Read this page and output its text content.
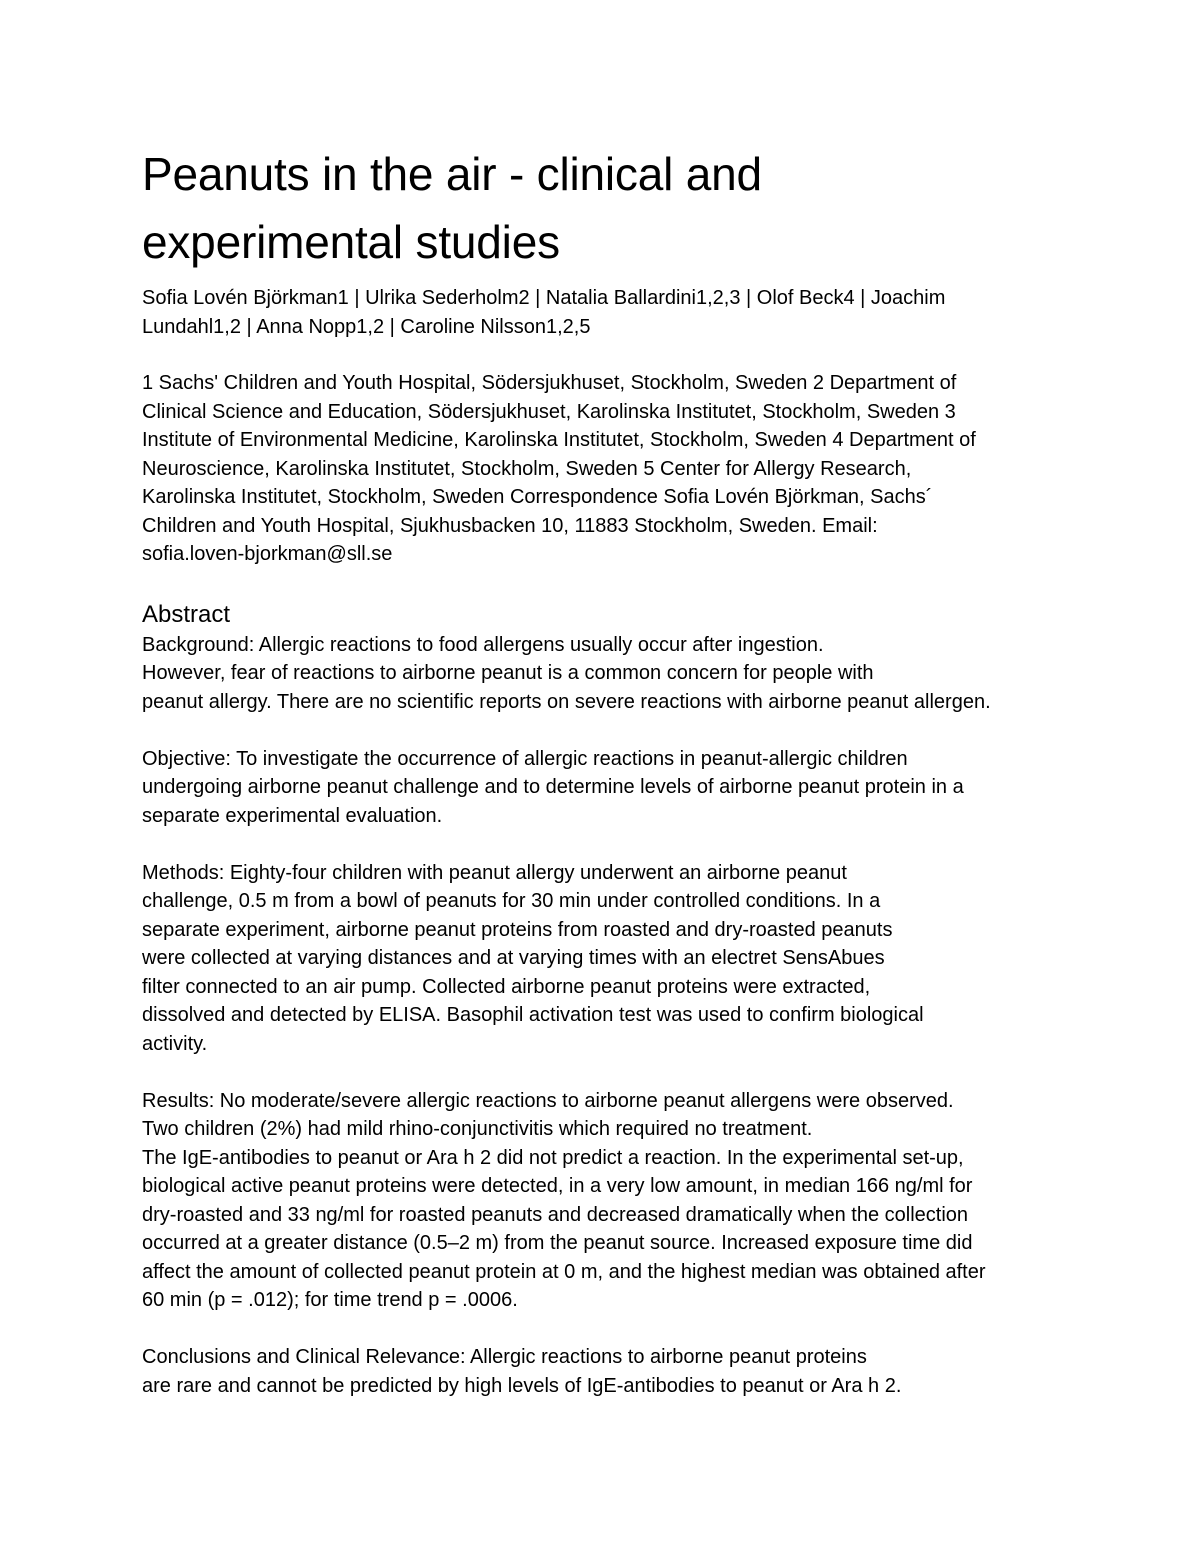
Peanuts in the air - clinical and
experimental studies

Sofia Lovén Björkman1 | Ulrika Sederholm2 | Natalia Ballardini1,2,3 | Olof Beck4 | Joachim
Lundahl1,2 | Anna Nopp1,2 | Caroline Nilsson1,2,5

1 Sachs' Children and Youth Hospital, Södersjukhuset, Stockholm, Sweden 2 Department of
Clinical Science and Education, Södersjukhuset, Karolinska Institutet, Stockholm, Sweden 3
Institute of Environmental Medicine, Karolinska Institutet, Stockholm, Sweden 4 Department of
Neuroscience, Karolinska Institutet, Stockholm, Sweden 5 Center for Allergy Research,
Karolinska Institutet, Stockholm, Sweden Correspondence Sofia Lovén Björkman, Sachs´
Children and Youth Hospital, Sjukhusbacken 10, 11883 Stockholm, Sweden. Email:
sofia.loven-bjorkman@sll.se

Abstract

Background: Allergic reactions to food allergens usually occur after ingestion.
However, fear of reactions to airborne peanut is a common concern for people with
peanut allergy. There are no scientific reports on severe reactions with airborne peanut allergen.

Objective: To investigate the occurrence of allergic reactions in peanut-allergic children
undergoing airborne peanut challenge and to determine levels of airborne peanut protein in a
separate experimental evaluation.

Methods: Eighty-four children with peanut allergy underwent an airborne peanut
challenge, 0.5 m from a bowl of peanuts for 30 min under controlled conditions. In a
separate experiment, airborne peanut proteins from roasted and dry-roasted peanuts
were collected at varying distances and at varying times with an electret SensAbues
filter connected to an air pump. Collected airborne peanut proteins were extracted,
dissolved and detected by ELISA. Basophil activation test was used to confirm biological
activity.

Results: No moderate/severe allergic reactions to airborne peanut allergens were observed.
Two children (2%) had mild rhino-conjunctivitis which required no treatment.
The IgE-antibodies to peanut or Ara h 2 did not predict a reaction. In the experimental set-up,
biological active peanut proteins were detected, in a very low amount, in median 166 ng/ml for
dry-roasted and 33 ng/ml for roasted peanuts and decreased dramatically when the collection
occurred at a greater distance (0.5–2 m) from the peanut source. Increased exposure time did
affect the amount of collected peanut protein at 0 m, and the highest median was obtained after
60 min (p = .012); for time trend p = .0006.

Conclusions and Clinical Relevance: Allergic reactions to airborne peanut proteins
are rare and cannot be predicted by high levels of IgE-antibodies to peanut or Ara h 2.
